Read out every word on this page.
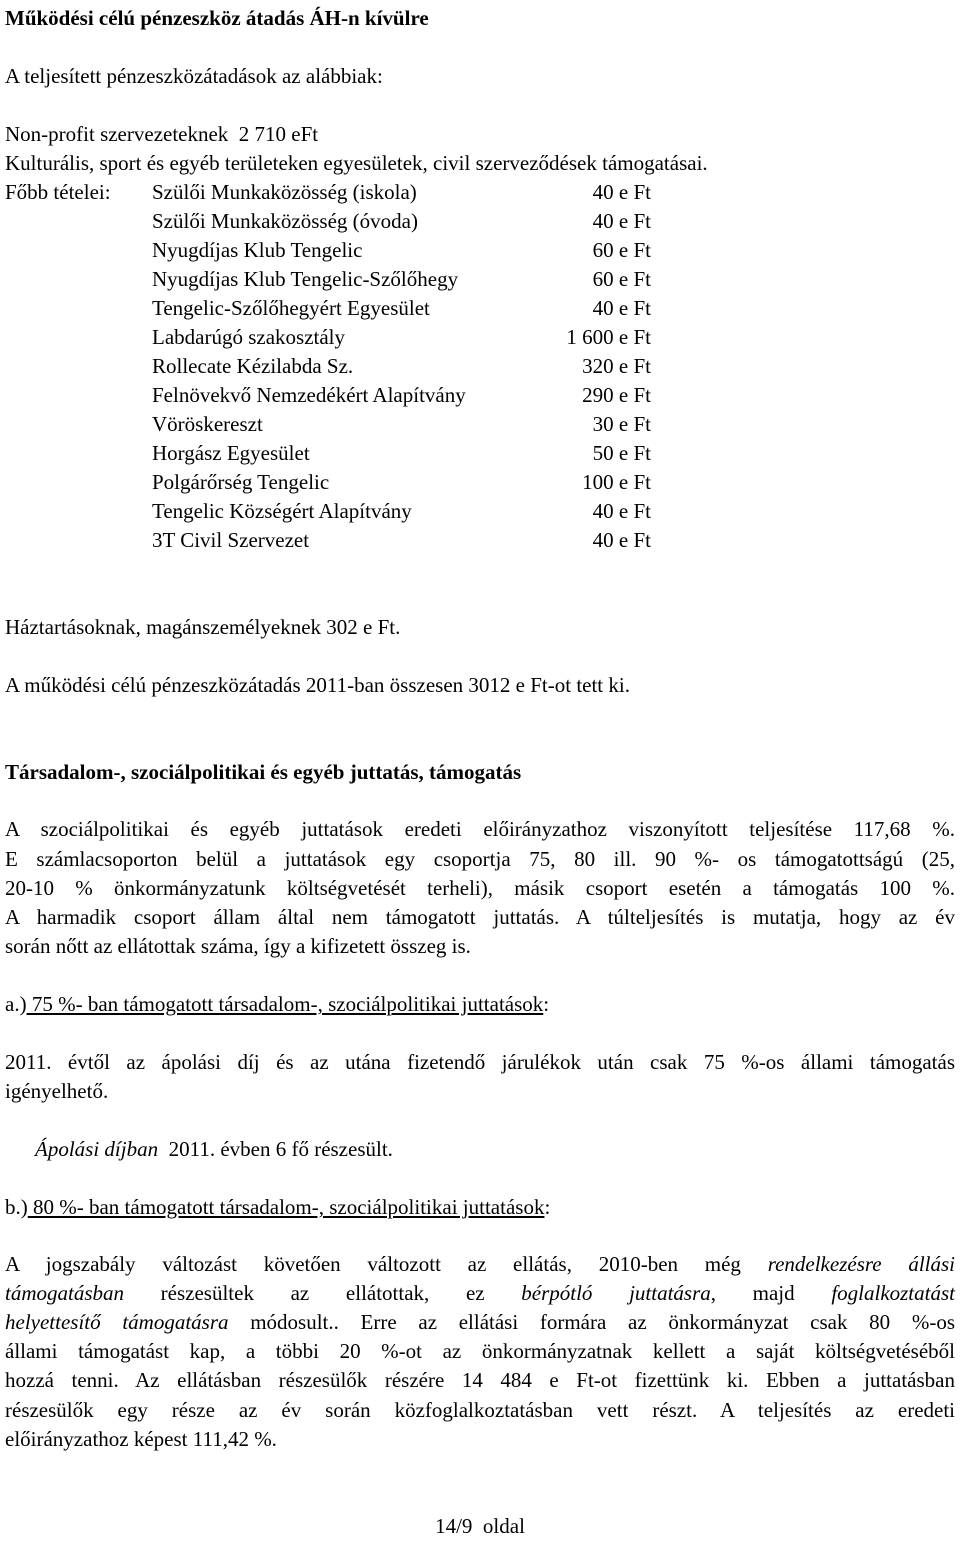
Működési célú pénzeszköz átadás ÁH-n kívülre
A teljesített pénzeszközátadások az alábbiak:
Non-profit szervezeteknek  2 710 eFt
Kulturális, sport és egyéb területeken egyesületek, civil szerveződések támogatásai.
Főbb tételei: Szülői Munkaközösség (iskola)	40 e Ft
Szülői Munkaközösség (óvoda)	40 e Ft
Nyugdíjas Klub Tengelic	60 e Ft
Nyugdíjas Klub Tengelic-Szőlőhegy	60 e Ft
Tengelic-Szőlőhegyért Egyesület	40 e Ft
Labdarúgó szakosztály	1 600 e Ft
Rollecate Kézilabda Sz.	320 e Ft
Felnövekvő Nemzedékért Alapítvány	290 e Ft
Vöröskereszt	30 e Ft
Horgász Egyesület	50 e Ft
Polgárőrség Tengelic	100 e Ft
Tengelic Községért Alapítvány	40 e Ft
3T Civil Szervezet	40 e Ft
Háztartásoknak, magánszemélyeknek 302 e Ft.
A működési célú pénzeszközátadás 2011-ban összesen 3012 e Ft-ot tett ki.
Társadalom-, szociálpolitikai és egyéb juttatás, támogatás
A szociálpolitikai és egyéb juttatások eredeti előirányzathoz viszonyított teljesítése 117,68 %.
E számlacsoporton belül a juttatások egy csoportja 75, 80 ill. 90 %- os támogatottságú (25,
20-10 % önkormányzatunk költségvetését terheli), másik csoport esetén a támogatás 100 %.
A harmadik csoport állam által nem támogatott juttatás. A túlteljesítés is mutatja, hogy az év
során nőtt az ellátottak száma, így a kifizetett összeg is.
a.) 75 %- ban támogatott társadalom-, szociálpolitikai juttatások:
2011. évtől az ápolási díj és az utána fizetendő járulékok után csak 75 %-os állami támogatás
igényelhető.
Ápolási díjban  2011. évben 6 fő részesült.
b.) 80 %- ban támogatott társadalom-, szociálpolitikai juttatások:
A jogszabály változást követően változott az ellátás, 2010-ben még rendelkezésre állási
támogatásban részesültek az ellátottak, ez bérpótló juttatásra, majd foglalkoztatást
helyettesítő támogatásra módosult.. Erre az ellátási formára az önkormányzat csak 80 %-os
állami támogatást kap, a többi 20 %-ot az önkormányzatnak kellett a saját költségvetéséből
hozzá tenni. Az ellátásban részesülők részére 14 484 e Ft-ot fizettünk ki. Ebben a juttatásban
részesülők egy része az év során közfoglalkoztatásban vett részt. A teljesítés az eredeti
előirányzathoz képest 111,42 %.
14/9  oldal
